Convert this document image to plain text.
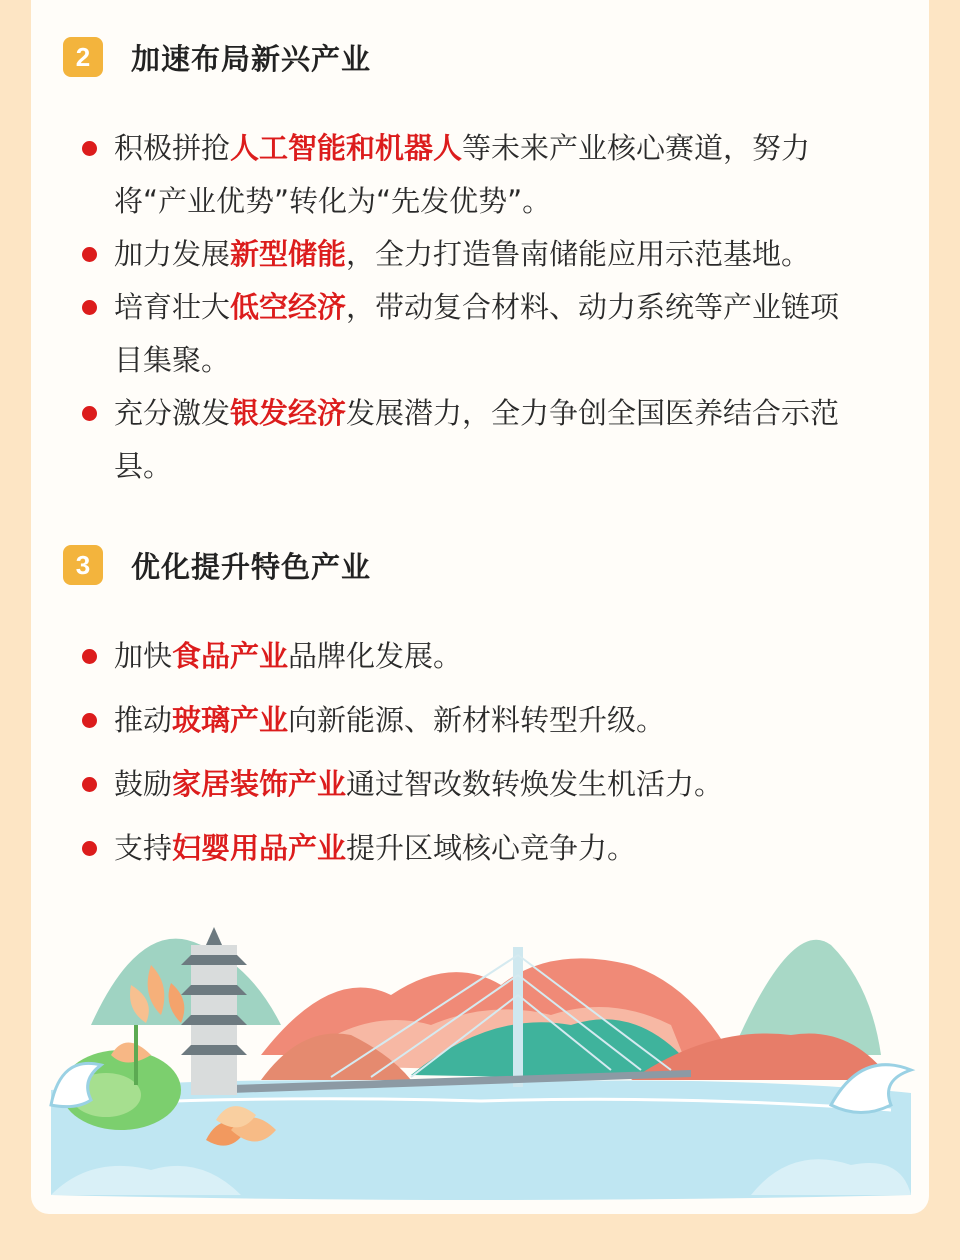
2	加速布局新兴产业
积极拼抢人工智能和机器人等未来产业核心赛道，努力将“产业优势”转化为“先发优势”。
加力发展新型储能，全力打造鲁南储能应用示范基地。
培育壮大低空经济，带动复合材料、动力系统等产业链项目集聚。
充分激发银发经济发展潜力，全力争创全国医养结合示范县。
3	优化提升特色产业
加快食品产业品牌化发展。
推动玻璃产业向新能源、新材料转型升级。
鼓励家居装饰产业通过智改数转焕发生机活力。
支持妇婴用品产业提升区域核心竞争力。
